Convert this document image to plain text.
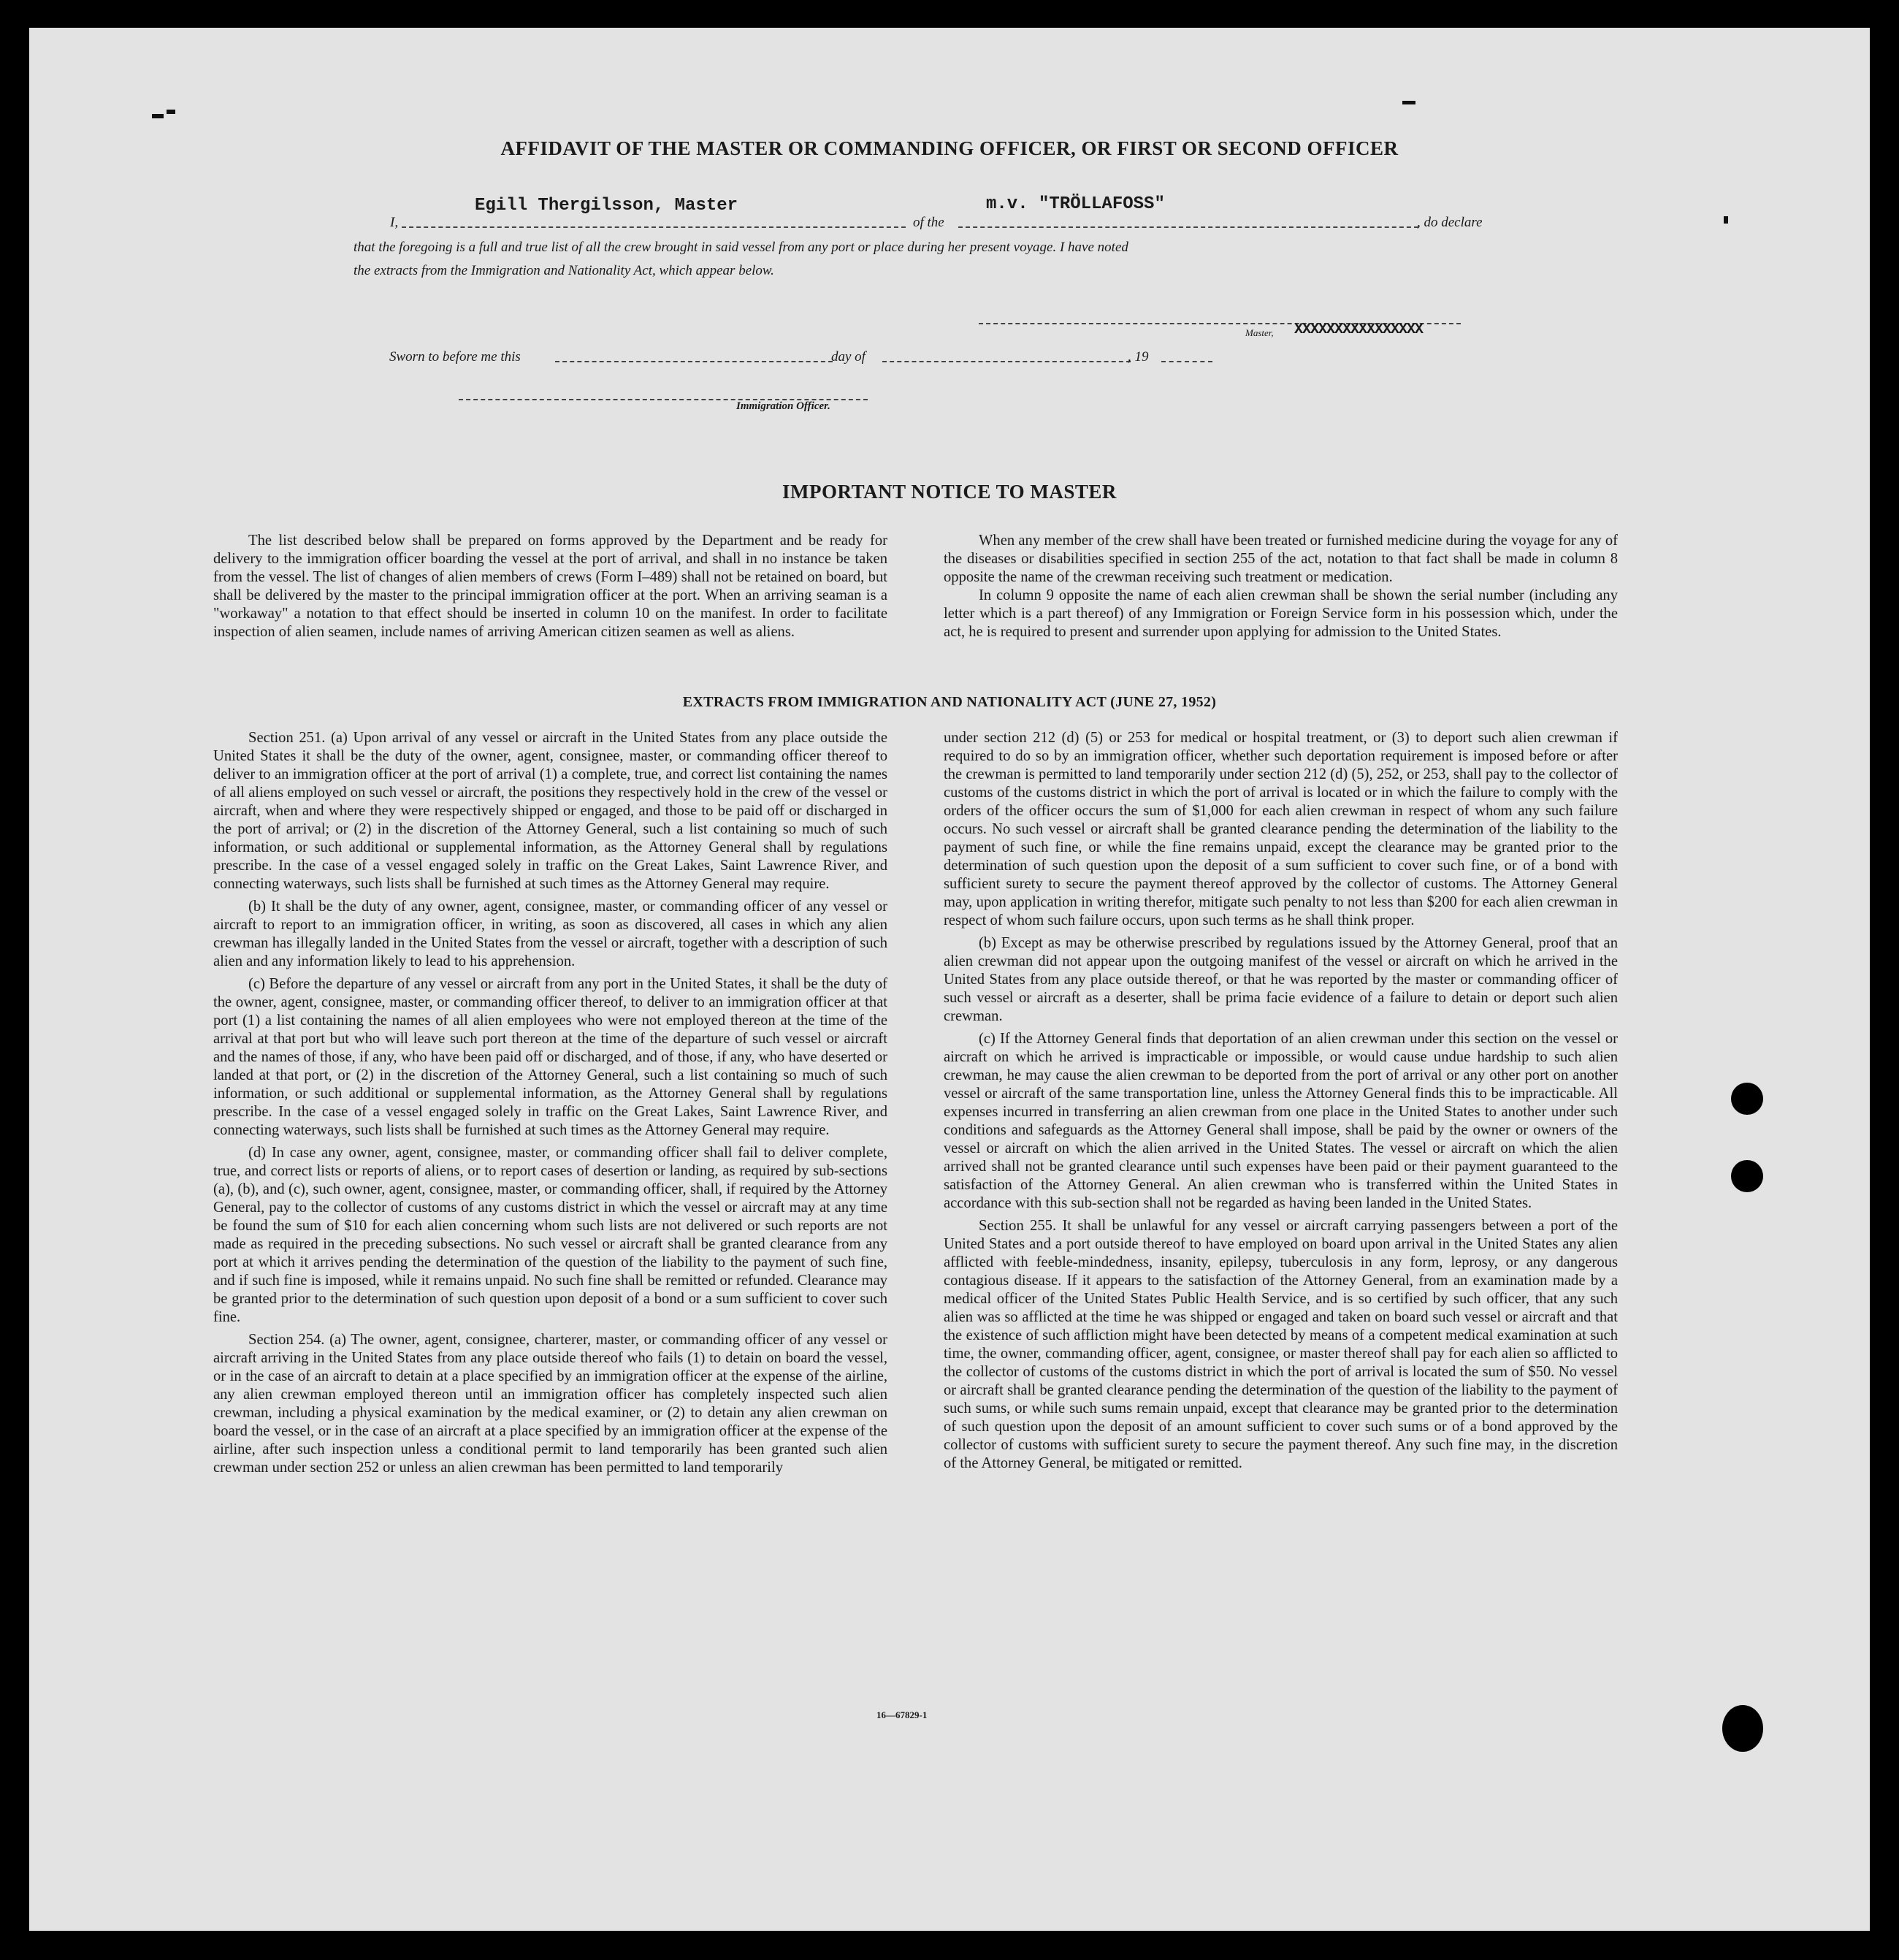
AFFIDAVIT OF THE MASTER OR COMMANDING OFFICER, OR FIRST OR SECOND OFFICER
I,
Egill Thergilsson, Master
of the
m.v. "TRÖLLAFOSS"
, do declare
that the foregoing is a full and true list of all the crew brought in said vessel from any port or place during her present voyage. I have noted
the extracts from the Immigration and Nationality Act, which appear below.
Master, XXXXXXXXXXXXXXXX
Sworn to before me this	day of	, 19
Immigration Officer.
IMPORTANT NOTICE TO MASTER

The list described below shall be prepared on forms approved by the Department and be ready for delivery to the immigration officer boarding the vessel at the port of arrival, and shall in no instance be taken from the vessel. The list of changes of alien members of crews (Form I–489) shall not be retained on board, but shall be delivered by the master to the principal immigration officer at the port. When an arriving seaman is a "workaway" a notation to that effect should be inserted in column 10 on the manifest. In order to facilitate inspection of alien seamen, include names of arriving American citizen seamen as well as aliens.

When any member of the crew shall have been treated or furnished medicine during the voyage for any of the diseases or disabilities specified in section 255 of the act, notation to that fact shall be made in column 8 opposite the name of the crewman receiving such treatment or medication.

In column 9 opposite the name of each alien crewman shall be shown the serial number (including any letter which is a part thereof) of any Immigration or Foreign Service form in his possession which, under the act, he is required to present and surrender upon applying for admission to the United States.

EXTRACTS FROM IMMIGRATION AND NATIONALITY ACT (JUNE 27, 1952)

Section 251. (a) Upon arrival of any vessel or aircraft in the United States from any place outside the United States it shall be the duty of the owner, agent, consignee, master, or commanding officer thereof to deliver to an immigration officer at the port of arrival (1) a complete, true, and correct list containing the names of all aliens employed on such vessel or aircraft, the positions they respectively hold in the crew of the vessel or aircraft, when and where they were respectively shipped or engaged, and those to be paid off or discharged in the port of arrival; or (2) in the discretion of the Attorney General, such a list containing so much of such information, or such additional or supplemental information, as the Attorney General shall by regulations prescribe. In the case of a vessel engaged solely in traffic on the Great Lakes, Saint Lawrence River, and connecting waterways, such lists shall be furnished at such times as the Attorney General may require.

(b) It shall be the duty of any owner, agent, consignee, master, or commanding officer of any vessel or aircraft to report to an immigration officer, in writing, as soon as discovered, all cases in which any alien crewman has illegally landed in the United States from the vessel or aircraft, together with a description of such alien and any information likely to lead to his apprehension.

(c) Before the departure of any vessel or aircraft from any port in the United States, it shall be the duty of the owner, agent, consignee, master, or commanding officer thereof, to deliver to an immigration officer at that port (1) a list containing the names of all alien employees who were not employed thereon at the time of the arrival at that port but who will leave such port thereon at the time of the departure of such vessel or aircraft and the names of those, if any, who have been paid off or discharged, and of those, if any, who have deserted or landed at that port, or (2) in the discretion of the Attorney General, such a list containing so much of such information, or such additional or supplemental information, as the Attorney General shall by regulations prescribe. In the case of a vessel engaged solely in traffic on the Great Lakes, Saint Lawrence River, and connecting waterways, such lists shall be furnished at such times as the Attorney General may require.

(d) In case any owner, agent, consignee, master, or commanding officer shall fail to deliver complete, true, and correct lists or reports of aliens, or to report cases of desertion or landing, as required by sub-sections (a), (b), and (c), such owner, agent, consignee, master, or commanding officer, shall, if required by the Attorney General, pay to the collector of customs of any customs district in which the vessel or aircraft may at any time be found the sum of $10 for each alien concerning whom such lists are not delivered or such reports are not made as required in the preceding subsections. No such vessel or aircraft shall be granted clearance from any port at which it arrives pending the determination of the question of the liability to the payment of such fine, and if such fine is imposed, while it remains unpaid. No such fine shall be remitted or refunded. Clearance may be granted prior to the determination of such question upon deposit of a bond or a sum sufficient to cover such fine.

Section 254. (a) The owner, agent, consignee, charterer, master, or commanding officer of any vessel or aircraft arriving in the United States from any place outside thereof who fails (1) to detain on board the vessel, or in the case of an aircraft to detain at a place specified by an immigration officer at the expense of the airline, any alien crewman employed thereon until an immigration officer has completely inspected such alien crewman, including a physical examination by the medical examiner, or (2) to detain any alien crewman on board the vessel, or in the case of an aircraft at a place specified by an immigration officer at the expense of the airline, after such inspection unless a conditional permit to land temporarily has been granted such alien crewman under section 252 or unless an alien crewman has been permitted to land temporarily

under section 212 (d) (5) or 253 for medical or hospital treatment, or (3) to deport such alien crewman if required to do so by an immigration officer, whether such deportation requirement is imposed before or after the crewman is permitted to land temporarily under section 212 (d) (5), 252, or 253, shall pay to the collector of customs of the customs district in which the port of arrival is located or in which the failure to comply with the orders of the officer occurs the sum of $1,000 for each alien crewman in respect of whom any such failure occurs. No such vessel or aircraft shall be granted clearance pending the determination of the liability to the payment of such fine, or while the fine remains unpaid, except the clearance may be granted prior to the determination of such question upon the deposit of a sum sufficient to cover such fine, or of a bond with sufficient surety to secure the payment thereof approved by the collector of customs. The Attorney General may, upon application in writing therefor, mitigate such penalty to not less than $200 for each alien crewman in respect of whom such failure occurs, upon such terms as he shall think proper.

(b) Except as may be otherwise prescribed by regulations issued by the Attorney General, proof that an alien crewman did not appear upon the outgoing manifest of the vessel or aircraft on which he arrived in the United States from any place outside thereof, or that he was reported by the master or commanding officer of such vessel or aircraft as a deserter, shall be prima facie evidence of a failure to detain or deport such alien crewman.

(c) If the Attorney General finds that deportation of an alien crewman under this section on the vessel or aircraft on which he arrived is impracticable or impossible, or would cause undue hardship to such alien crewman, he may cause the alien crewman to be deported from the port of arrival or any other port on another vessel or aircraft of the same transportation line, unless the Attorney General finds this to be impracticable. All expenses incurred in transferring an alien crewman from one place in the United States to another under such conditions and safeguards as the Attorney General shall impose, shall be paid by the owner or owners of the vessel or aircraft on which the alien arrived in the United States. The vessel or aircraft on which the alien arrived shall not be granted clearance until such expenses have been paid or their payment guaranteed to the satisfaction of the Attorney General. An alien crewman who is transferred within the United States in accordance with this sub-section shall not be regarded as having been landed in the United States.

Section 255. It shall be unlawful for any vessel or aircraft carrying passengers between a port of the United States and a port outside thereof to have employed on board upon arrival in the United States any alien afflicted with feeble-mindedness, insanity, epilepsy, tuberculosis in any form, leprosy, or any dangerous contagious disease. If it appears to the satisfaction of the Attorney General, from an examination made by a medical officer of the United States Public Health Service, and is so certified by such officer, that any such alien was so afflicted at the time he was shipped or engaged and taken on board such vessel or aircraft and that the existence of such affliction might have been detected by means of a competent medical examination at such time, the owner, commanding officer, agent, consignee, or master thereof shall pay for each alien so afflicted to the collector of customs of the customs district in which the port of arrival is located the sum of $50. No vessel or aircraft shall be granted clearance pending the determination of the question of the liability to the payment of such sums, or while such sums remain unpaid, except that clearance may be granted prior to the determination of such question upon the deposit of an amount sufficient to cover such sums or of a bond approved by the collector of customs with sufficient surety to secure the payment thereof. Any such fine may, in the discretion of the Attorney General, be mitigated or remitted.

16—67829-1
